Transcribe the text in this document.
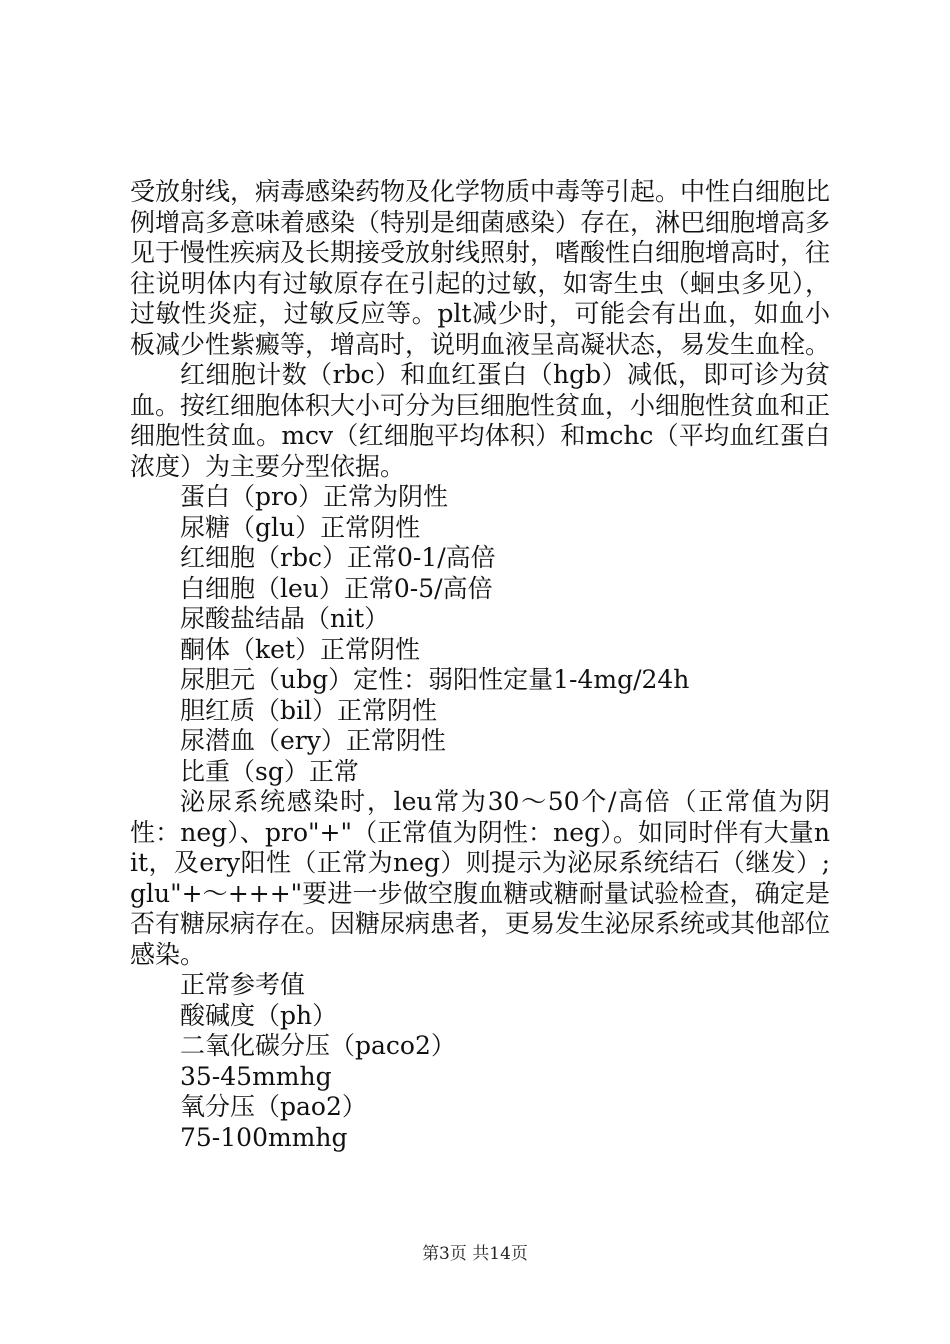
受放射线，病毒感染药物及化学物质中毒等引起。中性白细胞比例增高多意味着感染（特别是细菌感染）存在，淋巴细胞增高多见于慢性疾病及长期接受放射线照射，嗜酸性白细胞增高时，往往说明体内有过敏原存在引起的过敏，如寄生虫（蛔虫多见），过敏性炎症，过敏反应等。plt减少时，可能会有出血，如血小板减少性紫癜等，增高时，说明血液呈高凝状态，易发生血栓。

红细胞计数（rbc）和血红蛋白（hgb）减低，即可诊为贫血。按红细胞体积大小可分为巨细胞性贫血，小细胞性贫血和正细胞性贫血。mcv（红细胞平均体积）和mchc（平均血红蛋白浓度）为主要分型依据。

蛋白（pro）正常为阴性

尿糖（glu）正常阴性

红细胞（rbc）正常0-1/高倍

白细胞（leu）正常0-5/高倍

尿酸盐结晶（nit）

酮体（ket）正常阴性

尿胆元（ubg）定性：弱阳性定量1-4mg/24h

胆红质（bil）正常阴性

尿潜血（ery）正常阴性

比重（sg）正常

泌尿系统感染时，leu常为30～50个/高倍（正常值为阴性：neg）、pro"+"（正常值为阴性：neg）。如同时伴有大量nit，及ery阳性（正常为neg）则提示为泌尿系统结石（继发）;glu"+～+++"要进一步做空腹血糖或糖耐量试验检查，确定是否有糖尿病存在。因糖尿病患者，更易发生泌尿系统或其他部位感染。

正常参考值

酸碱度（ph）

二氧化碳分压（paco2）

35-45mmhg

氧分压（pao2）

75-100mmhg

第3页 共14页
